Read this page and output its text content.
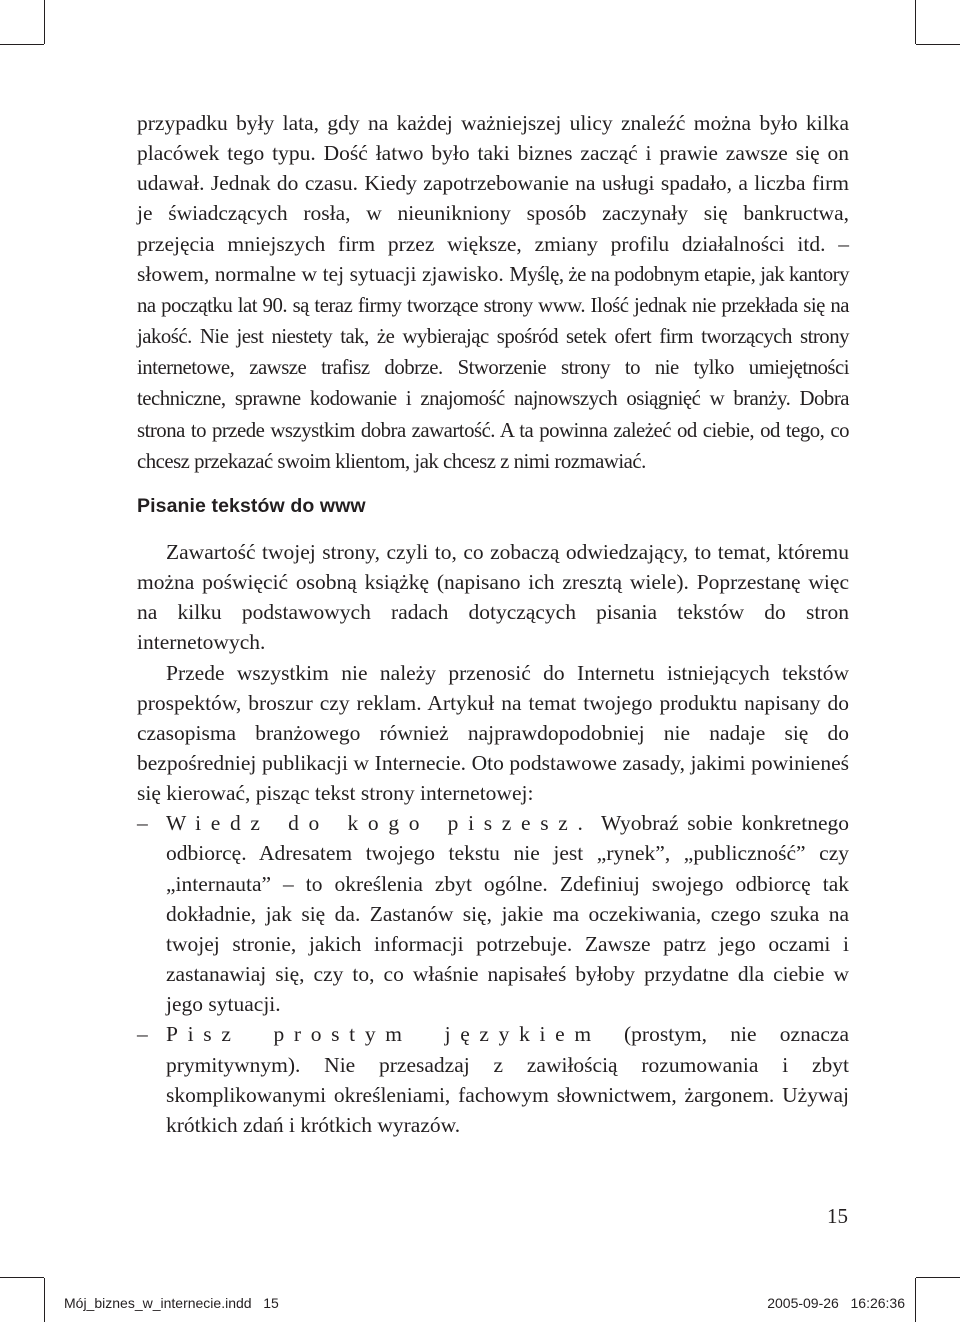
przypadku były lata, gdy na każdej ważniejszej ulicy znaleźć można było kilka placówek tego typu. Dość łatwo było taki biznes zacząć i prawie zawsze się on udawał. Jednak do czasu. Kiedy zapotrzebowanie na usługi spadało, a liczba firm je świadczących rosła, w nieunikniony sposób zaczynały się bankructwa, przejęcia mniejszych firm przez większe, zmiany profilu działalności itd. – słowem, normalne w tej sytuacji zjawisko. Myślę, że na podobnym etapie, jak kantory na początku lat 90. są teraz firmy tworzące strony www. Ilość jednak nie przekłada się na jakość. Nie jest niestety tak, że wybierając spośród setek ofert firm tworzących strony internetowe, zawsze trafisz dobrze. Stworzenie strony to nie tylko umiejętności techniczne, sprawne kodowanie i znajomość najnowszych osiągnięć w branży. Dobra strona to przede wszystkim dobra zawartość. A ta powinna zależeć od ciebie, od tego, co chcesz przekazać swoim klientom, jak chcesz z nimi rozmawiać.

Pisanie tekstów do www

Zawartość twojej strony, czyli to, co zobaczą odwiedzający, to temat, któremu można poświęcić osobną książkę (napisano ich zresztą wiele). Poprzestanę więc na kilku podstawowych radach dotyczących pisania tekstów do stron internetowych.

Przede wszystkim nie należy przenosić do Internetu istniejących tekstów prospektów, broszur czy reklam. Artykuł na temat twojego produktu napisany do czasopisma branżowego również najprawdopodobniej nie nadaje się do bezpośredniej publikacji w Internecie. Oto podstawowe zasady, jakimi powinieneś się kierować, pisząc tekst strony internetowej:

– Wiedz do kogo piszesz. Wyobraź sobie konkretnego odbiorcę. Adresatem twojego tekstu nie jest „rynek”, „publiczność” czy „internauta” – to określenia zbyt ogólne. Zdefiniuj swojego odbiorcę tak dokładnie, jak się da. Zastanów się, jakie ma oczekiwania, czego szuka na twojej stronie, jakich informacji potrzebuje. Zawsze patrz jego oczami i zastanawiaj się, czy to, co właśnie napisałeś byłoby przydatne dla ciebie w jego sytuacji.
– Pisz prostym językiem (prostym, nie oznacza prymitywnym). Nie przesadzaj z zawiłością rozumowania i zbyt skomplikowanymi określeniami, fachowym słownictwem, żargonem. Używaj krótkich zdań i krótkich wyrazów.
15
Mój_biznes_w_internecie.indd   15	2005-09-26   16:26:36
